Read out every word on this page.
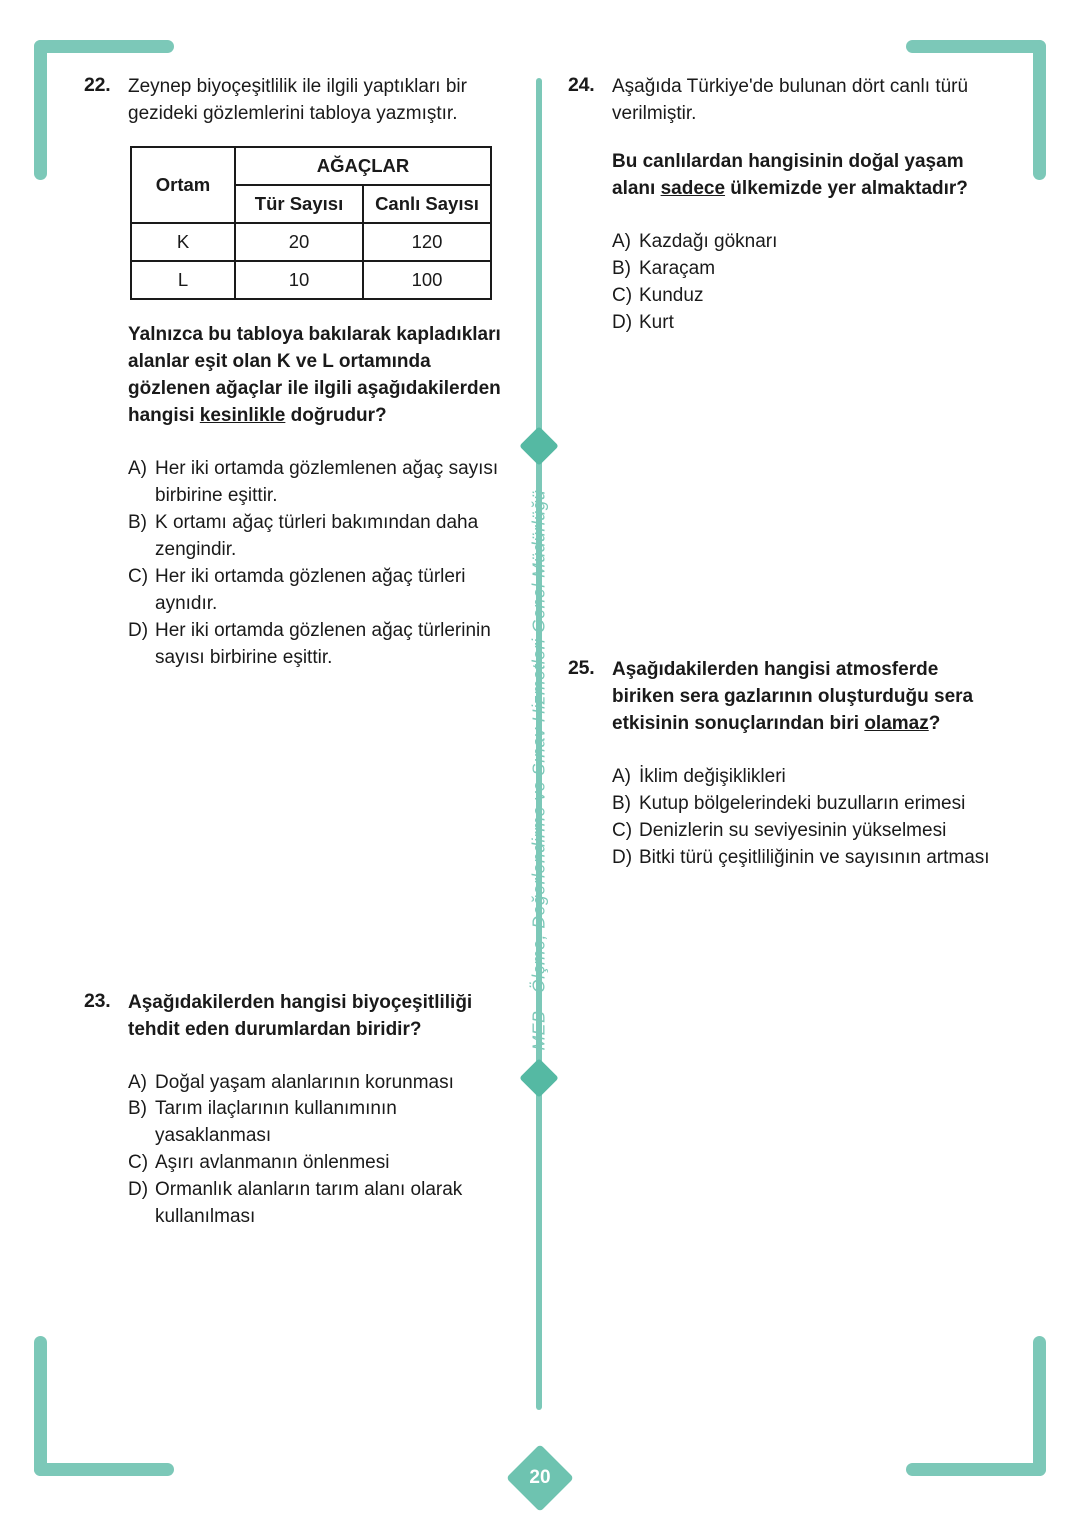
MEB • Ölçme, Değerlendirme ve Sınav Hizmetleri Genel Müdürlüğü
22. Zeynep biyoçeşitlilik ile ilgili yaptıkları bir gezideki gözlemlerini tabloya yazmıştır.
Ortam	AĞAÇLAR	
	Tür Sayısı	Canlı Sayısı
K	20	120
L	10	100
Yalnızca bu tabloya bakılarak kapladıkları alanlar eşit olan K ve L ortamında gözlenen ağaçlar ile ilgili aşağıdakilerden hangisi kesinlikle doğrudur?
A) Her iki ortamda gözlemlenen ağaç sayısı birbirine eşittir.
B) K ortamı ağaç türleri bakımından daha zengindir.
C) Her iki ortamda gözlenen ağaç türleri aynıdır.
D) Her iki ortamda gözlenen ağaç türlerinin sayısı birbirine eşittir.
23. Aşağıdakilerden hangisi biyoçeşitliliği tehdit eden durumlardan biridir?
A) Doğal yaşam alanlarının korunması
B) Tarım ilaçlarının kullanımının yasaklanması
C) Aşırı avlanmanın önlenmesi
D) Ormanlık alanların tarım alanı olarak kullanılması
24. Aşağıda Türkiye'de bulunan dört canlı türü verilmiştir.
Bu canlılardan hangisinin doğal yaşam alanı sadece ülkemizde yer almaktadır?
A) Kazdağı göknarı
B) Karaçam
C) Kunduz
D) Kurt
25. Aşağıdakilerden hangisi atmosferde biriken sera gazlarının oluşturduğu sera etkisinin sonuçlarından biri olamaz?
A) İklim değişiklikleri
B) Kutup bölgelerindeki buzulların erimesi
C) Denizlerin su seviyesinin yükselmesi
D) Bitki türü çeşitliliğinin ve sayısının artması
20
